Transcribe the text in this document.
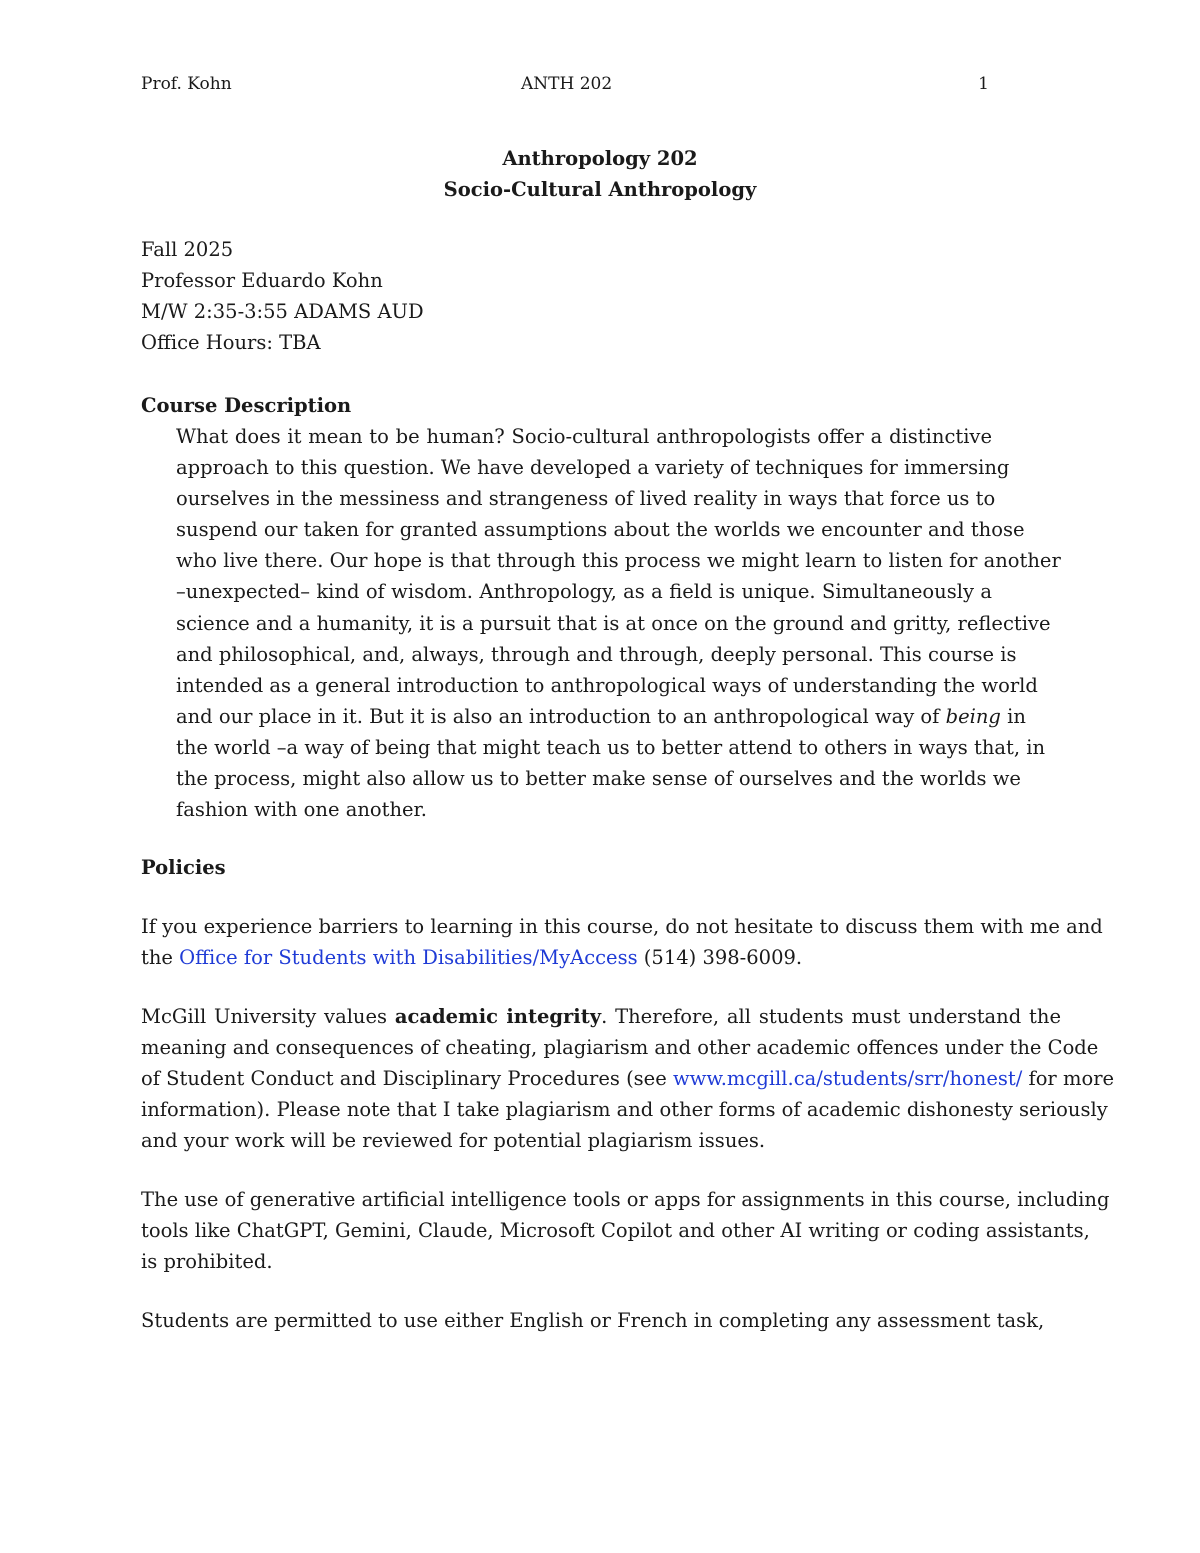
Prof. Kohn	ANTH 202	1
Anthropology 202
Socio-Cultural Anthropology
Fall 2025
Professor Eduardo Kohn
M/W 2:35-3:55 ADAMS AUD
Office Hours: TBA
Course Description
What does it mean to be human? Socio-cultural anthropologists offer a distinctive
approach to this question. We have developed a variety of techniques for immersing
ourselves in the messiness and strangeness of lived reality in ways that force us to
suspend our taken for granted assumptions about the worlds we encounter and those
who live there. Our hope is that through this process we might learn to listen for another
–unexpected– kind of wisdom. Anthropology, as a field is unique. Simultaneously a
science and a humanity, it is a pursuit that is at once on the ground and gritty, reflective
and philosophical, and, always, through and through, deeply personal. This course is
intended as a general introduction to anthropological ways of understanding the world
and our place in it. But it is also an introduction to an anthropological way of being in
the world –a way of being that might teach us to better attend to others in ways that, in
the process, might also allow us to better make sense of ourselves and the worlds we
fashion with one another.
Policies
If you experience barriers to learning in this course, do not hesitate to discuss them with me and
the Office for Students with Disabilities/MyAccess (514) 398-6009.
McGill University values academic integrity. Therefore, all students must understand the
meaning and consequences of cheating, plagiarism and other academic offences under the Code
of Student Conduct and Disciplinary Procedures (see www.mcgill.ca/students/srr/honest/ for more
information). Please note that I take plagiarism and other forms of academic dishonesty seriously
and your work will be reviewed for potential plagiarism issues.
The use of generative artificial intelligence tools or apps for assignments in this course, including
tools like ChatGPT, Gemini, Claude, Microsoft Copilot and other AI writing or coding assistants,
is prohibited.
Students are permitted to use either English or French in completing any assessment task,
